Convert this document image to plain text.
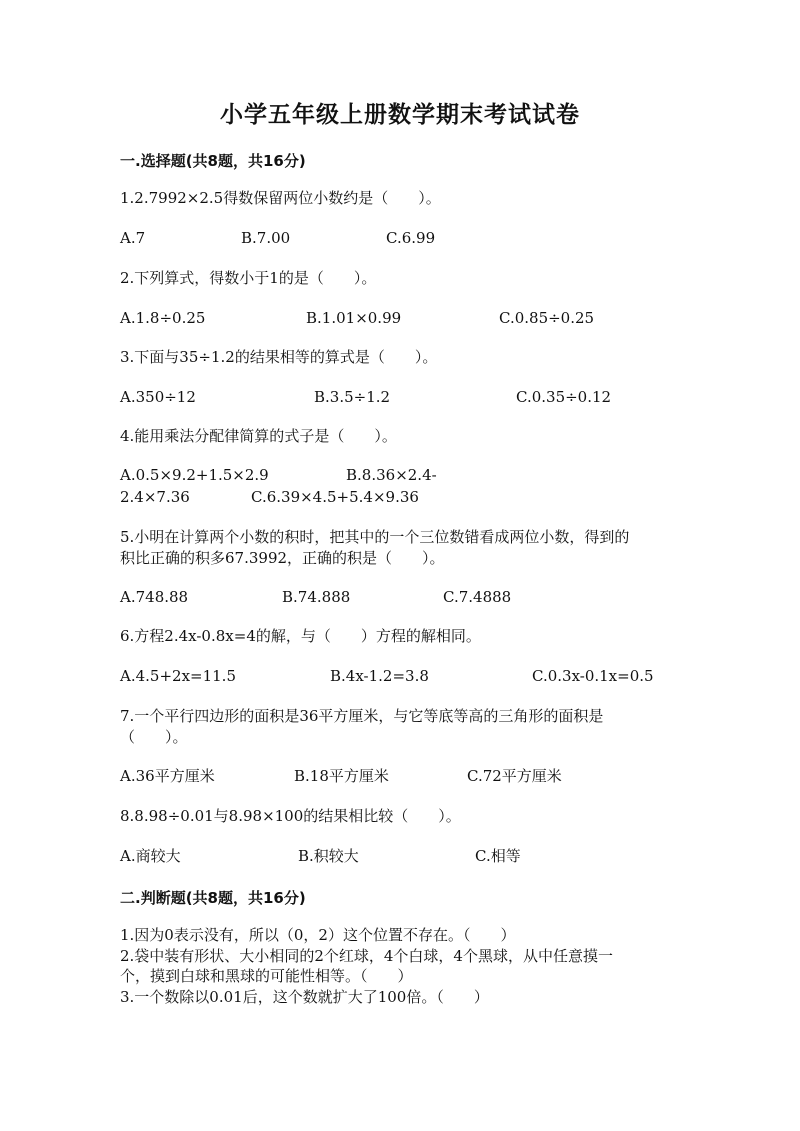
小学五年级上册数学期末考试试卷
一.选择题(共8题，共16分)
1.2.7992×2.5得数保留两位小数约是（　　）。
A.7	B.7.00	C.6.99
2.下列算式，得数小于1的是（　　）。
A.1.8÷0.25	B.1.01×0.99	C.0.85÷0.25
3.下面与35÷1.2的结果相等的算式是（　　）。
A.350÷12	B.3.5÷1.2	C.0.35÷0.12
4.能用乘法分配律简算的式子是（　　）。
A.0.5×9.2+1.5×2.9	B.8.36×2.4-
2.4×7.36	C.6.39×4.5+5.4×9.36
5.小明在计算两个小数的积时，把其中的一个三位数错看成两位小数，得到的
积比正确的积多67.3992，正确的积是（　　）。
A.748.88	B.74.888	C.7.4888
6.方程2.4x-0.8x=4的解，与（　　）方程的解相同。
A.4.5+2x=11.5	B.4x-1.2=3.8	C.0.3x-0.1x=0.5
7.一个平行四边形的面积是36平方厘米，与它等底等高的三角形的面积是
（　　）。
A.36平方厘米	B.18平方厘米	C.72平方厘米
8.8.98÷0.01与8.98×100的结果相比较（　　）。
A.商较大	B.积较大	C.相等
二.判断题(共8题，共16分)
1.因为0表示没有，所以（0，2）这个位置不存在。（　　）
2.袋中装有形状、大小相同的2个红球，4个白球，4个黑球，从中任意摸一
个，摸到白球和黑球的可能性相等。（　　）
3.一个数除以0.01后，这个数就扩大了100倍。（　　）
